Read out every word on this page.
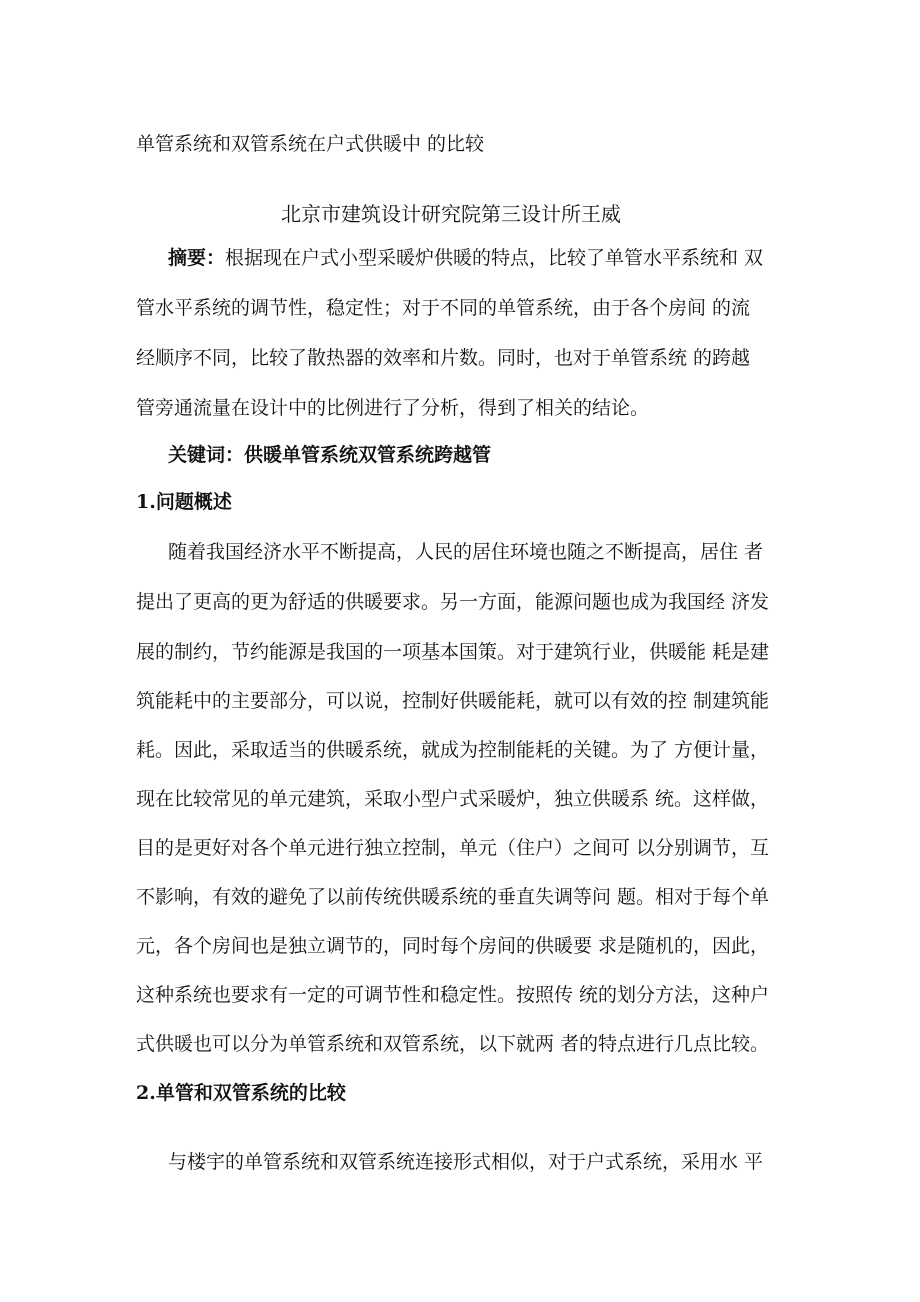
单管系统和双管系统在户式供暖中 的比较
北京市建筑设计研究院第三设计所王威
摘要：根据现在户式小型采暖炉供暖的特点，比较了单管水平系统和 双
管水平系统的调节性，稳定性；对于不同的单管系统，由于各个房间 的流
经顺序不同，比较了散热器的效率和片数。同时，也对于单管系统 的跨越
管旁通流量在设计中的比例进行了分析，得到了相关的结论。
关键词：供暖单管系统双管系统跨越管
1.问题概述
随着我国经济水平不断提高，人民的居住环境也随之不断提高，居住 者
提出了更高的更为舒适的供暖要求。另一方面，能源问题也成为我国经 济发
展的制约，节约能源是我国的一项基本国策。对于建筑行业，供暖能 耗是建
筑能耗中的主要部分，可以说，控制好供暖能耗，就可以有效的控 制建筑能
耗。因此，采取适当的供暖系统，就成为控制能耗的关键。为了 方便计量，
现在比较常见的单元建筑，采取小型户式采暖炉，独立供暖系 统。这样做，
目的是更好对各个单元进行独立控制，单元（住户）之间可 以分别调节，互
不影响，有效的避免了以前传统供暖系统的垂直失调等问 题。相对于每个单
元，各个房间也是独立调节的，同时每个房间的供暖要 求是随机的，因此，
这种系统也要求有一定的可调节性和稳定性。按照传 统的划分方法，这种户
式供暖也可以分为单管系统和双管系统，以下就两 者的特点进行几点比较。
2.单管和双管系统的比较
与楼宇的单管系统和双管系统连接形式相似，对于户式系统，采用水 平
